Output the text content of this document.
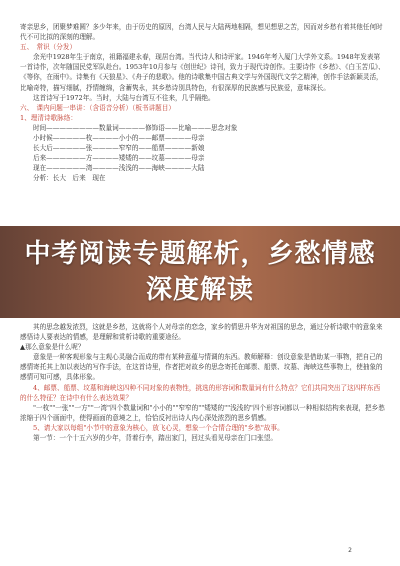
寄亲思乡，团聚梦难圆？多少年来，由于历史的原因，台湾人民与大陆两地相隔，想见想思之苦，因而对乡愁有着其他任何时代不可比拟的深刻的理解。

五、　常识（分发）

余光中1928年生于南京，祖籍福建永春，现居台湾。当代诗人和诗评家。1946年考入厦门大学外文系。1948年发表第一首诗作，次年随国民党军队赴台。1953年10月参与《创世纪》诗刊，致力于现代诗创作。主要诗作《乡愁》、《白玉苦瓜》、《等你，在雨中》。诗集有《天狼星》、《舟子的悲歌》。他的诗歌集中国古典文学与外国现代文学之精神，创作手法新颖灵活，比喻奇特，描写细腻，抒情缠绵，含蓄隽永，其乡愁诗别具特色，有很深厚的民族感与民族爱，意味深长。

这首诗写于1972年。当时，大陆与台湾互不往来，几乎隔绝。

六、　课内问题一串讲：（含语音分析）（板书讲题目）

1、理清诗歌脉络：

时间————————数量词————修饰语——比喻———思念对象

小时候—————枚————小小的——邮票————母亲

长大后—————张————窄窄的——船票————新娘

后来——————方————矮矮的——坟墓————母亲

现在——————湾————浅浅的——海峡————大陆

分析：长大　后来　现在

其的思念越发浓烈，这就是乡愁，这就将个人对母亲的恋念，家乡的情思升华为对祖国的思念，通过分析诗歌中的意象来感悟诗人要表达的情感，是理解和赏析诗歌的重要途径。

▲那么意象是什么呢？

意象是一种客观形象与主观心灵融合而成的带有某种意蕴与情调的东西。教师解释：创设意象是借助某一事物，把自己的感情寄托其上加以表达的写作手法，在这首诗里，作者把对故乡的思念寄托在邮票、船票、坟墓、海峡这些事物上，使抽象的感情可知可感，具体形象。

4、邮票、船票、坟墓和海峡这四种不同对象的表物性，挑选的形容词和数量词有什么特点？它们共同突出了这四样东西的什么特征？在诗中有什么表达效果？

"一枚""一张""一方""一湾"四个数量词和"小小的""窄窄的""矮矮的""浅浅的"四个形容词都以一种相似结构来表现，把乡愁浓缩于四个画面中，使得画面的意境之上，恰恰反衬出诗人内心深处浓烈的思乡情感。

5、请大家以每组"小节中的意象为核心，放飞心灵，想象一个合情合理的"乡愁"故事。

第一节：一个十五六岁的少年，背着行李，踏出家门，回过头看见母亲在门口张望。

中考阅读专题解析，乡愁情感深度解读
2
